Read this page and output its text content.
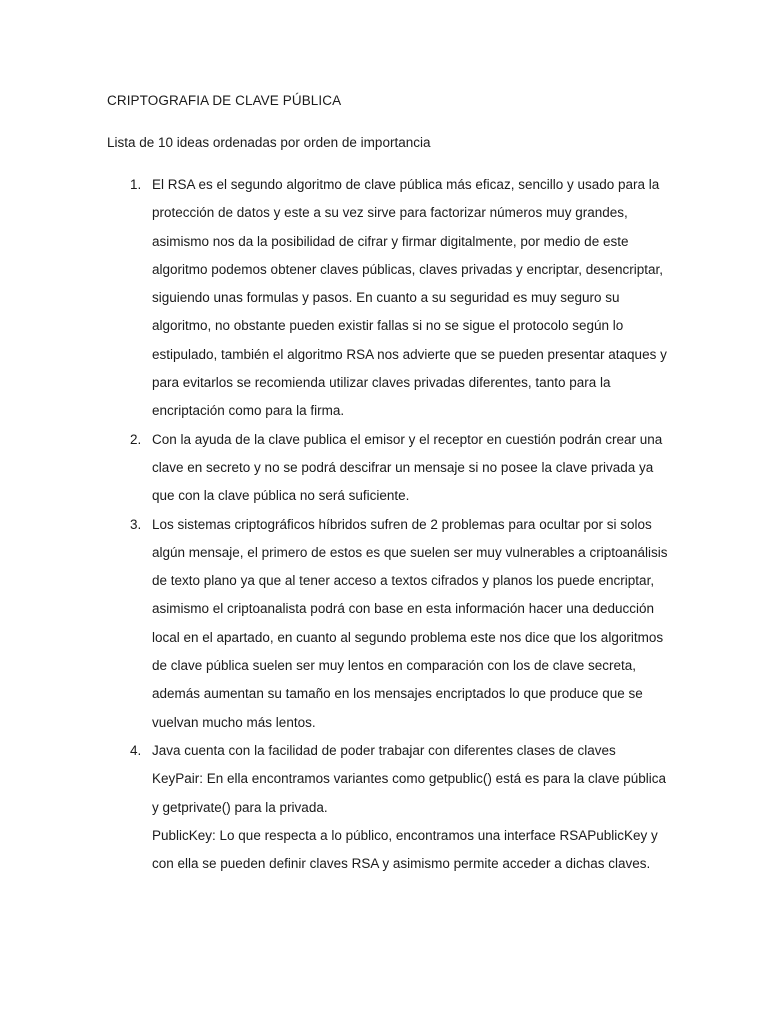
CRIPTOGRAFIA DE CLAVE PÚBLICA

Lista de 10 ideas ordenadas por orden de importancia

1. El RSA es el segundo algoritmo de clave pública más eficaz, sencillo y usado para la protección de datos y este a su vez sirve para factorizar números muy grandes, asimismo nos da la posibilidad de cifrar y firmar digitalmente, por medio de este algoritmo podemos obtener claves públicas, claves privadas y encriptar, desencriptar, siguiendo unas formulas y pasos. En cuanto a su seguridad es muy seguro su algoritmo, no obstante pueden existir fallas si no se sigue el protocolo según lo estipulado, también el algoritmo RSA nos advierte que se pueden presentar ataques y para evitarlos se recomienda utilizar claves privadas diferentes, tanto para la encriptación como para la firma.
2. Con la ayuda de la clave publica el emisor y el receptor en cuestión podrán crear una clave en secreto y no se podrá descifrar un mensaje si no posee la clave privada ya que con la clave pública no será suficiente.
3. Los sistemas criptográficos híbridos sufren de 2 problemas para ocultar por si solos algún mensaje, el primero de estos es que suelen ser muy vulnerables a criptoanálisis de texto plano ya que al tener acceso a textos cifrados y planos los puede encriptar, asimismo el criptoanalista podrá con base en esta información hacer una deducción local en el apartado, en cuanto al segundo problema este nos dice que los algoritmos de clave pública suelen ser muy lentos en comparación con los de clave secreta, además aumentan su tamaño en los mensajes encriptados lo que produce que se vuelvan mucho más lentos.
4. Java cuenta con la facilidad de poder trabajar con diferentes clases de claves
KeyPair: En ella encontramos variantes como getpublic() está es para la clave pública y getprivate() para la privada.
PublicKey: Lo que respecta a lo público, encontramos una interface RSAPublicKey y con ella se pueden definir claves RSA y asimismo permite acceder a dichas claves.
